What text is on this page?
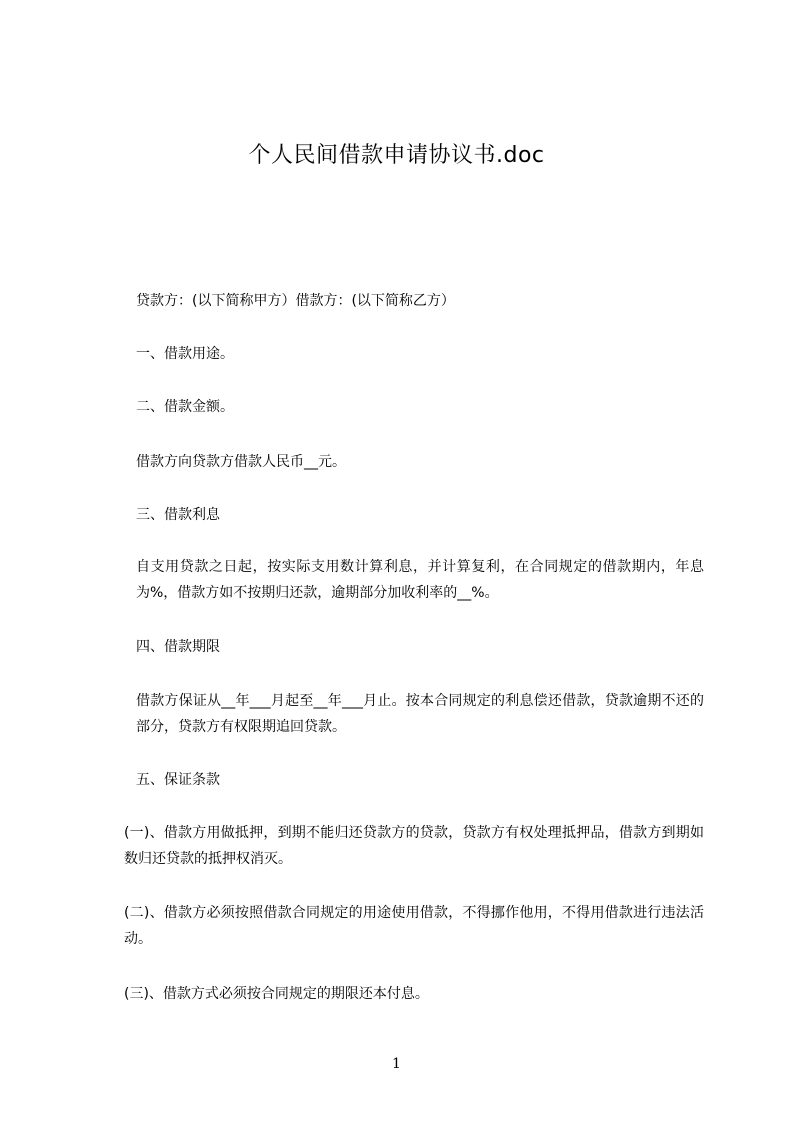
个人民间借款申请协议书.doc
贷款方：(以下简称甲方）借款方：(以下简称乙方）
一、借款用途。
二、借款金额。
借款方向贷款方借款人民币__元。
三、借款利息
自支用贷款之日起，按实际支用数计算利息，并计算复利，在合同规定的借款期内，年息为%，借款方如不按期归还款，逾期部分加收利率的__%。
四、借款期限
借款方保证从__年___月起至__年___月止。按本合同规定的利息偿还借款，贷款逾期不还的部分，贷款方有权限期追回贷款。
五、保证条款
(一)、借款方用做抵押，到期不能归还贷款方的贷款，贷款方有权处理抵押品，借款方到期如数归还贷款的抵押权消灭。
(二)、借款方必须按照借款合同规定的用途使用借款，不得挪作他用，不得用借款进行违法活动。
(三)、借款方式必须按合同规定的期限还本付息。
1
